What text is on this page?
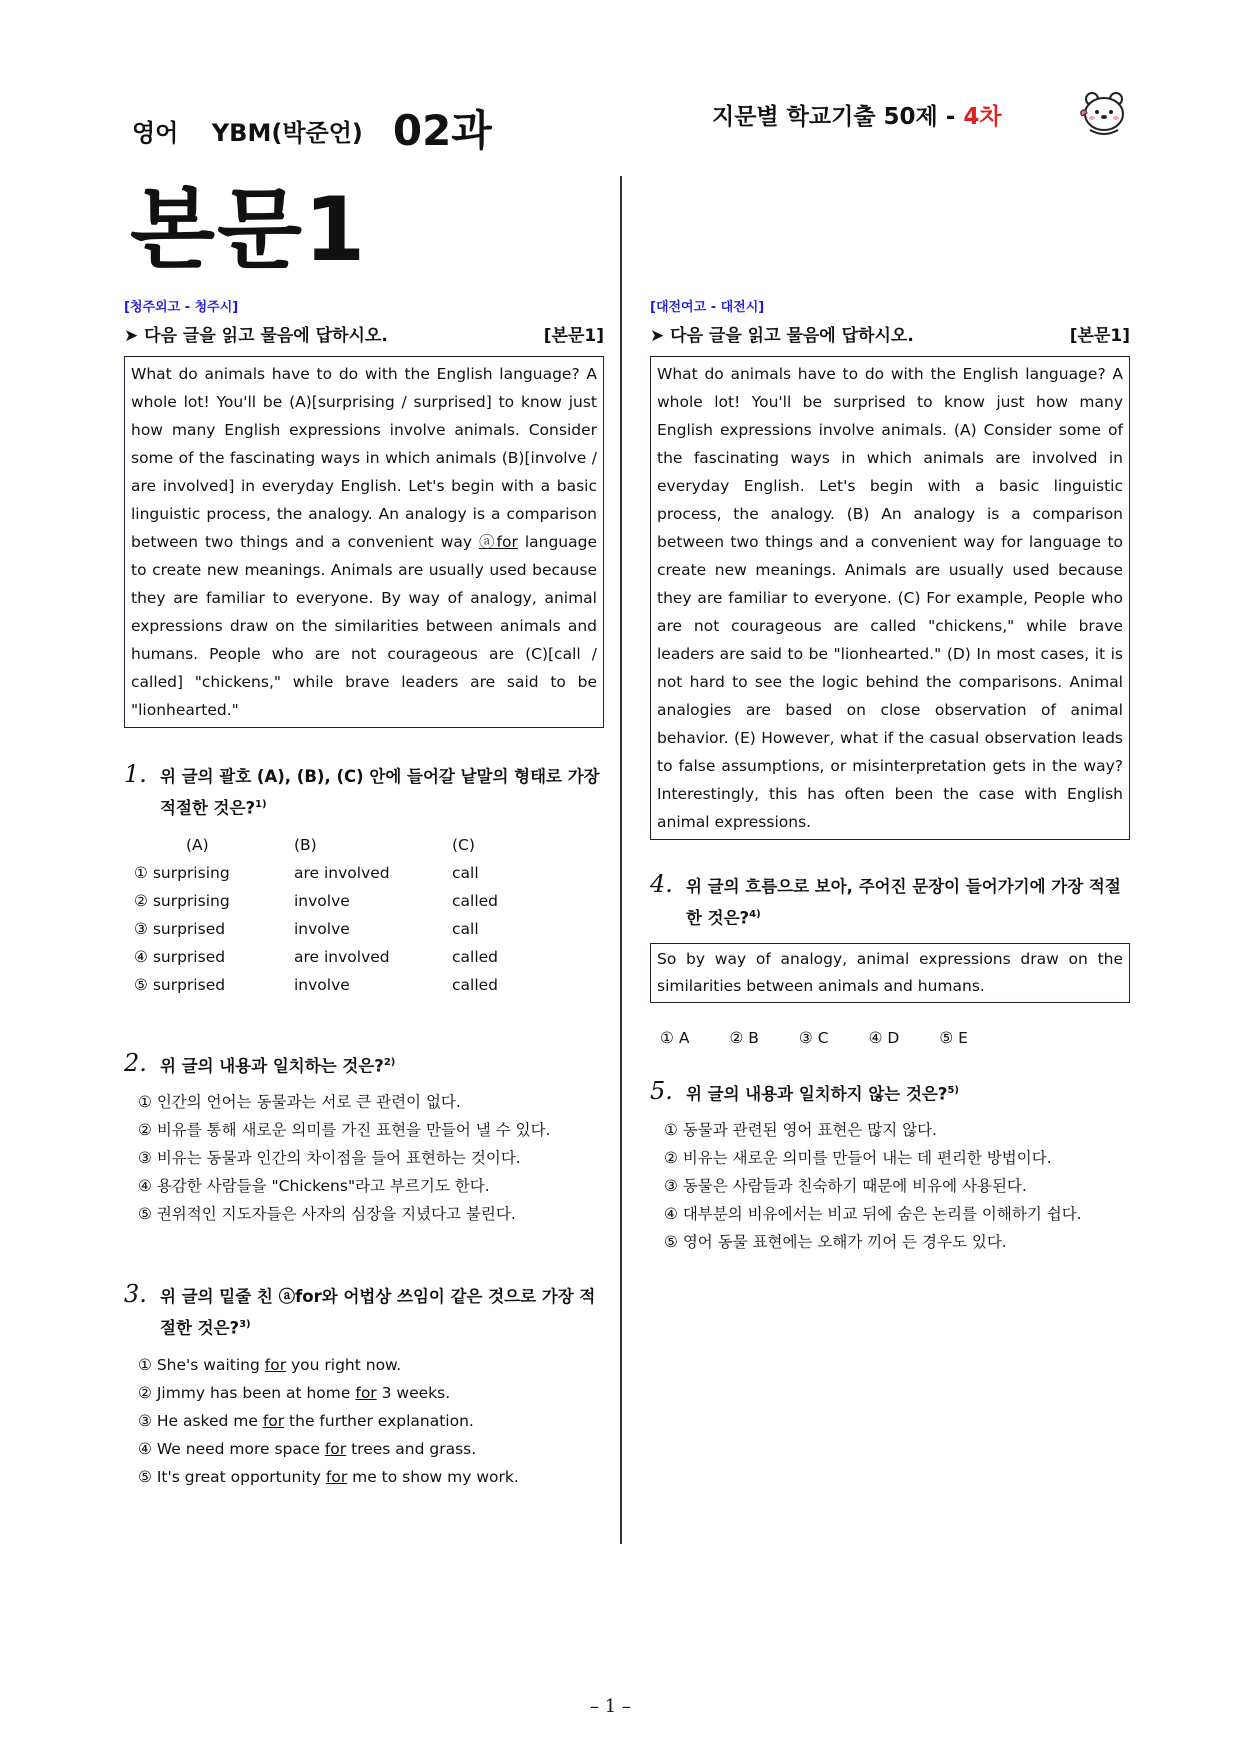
영어 YBM(박준언) 02과	지문별 학교기출 50제 - 4차
본문1
[청주외고 - 청주시]
➤ 다음 글을 읽고 물음에 답하시오.	[본문1]
What do animals have to do with the English language? A whole lot! You'll be (A)[surprising / surprised] to know just how many English expressions involve animals. Consider some of the fascinating ways in which animals (B)[involve / are involved] in everyday English. Let's begin with a basic linguistic process, the analogy. An analogy is a comparison between two things and a convenient way ⓐfor language to create new meanings. Animals are usually used because they are familiar to everyone. By way of analogy, animal expressions draw on the similarities between animals and humans. People who are not courageous are (C)[call / called] "chickens," while brave leaders are said to be "lionhearted."
1. 위 글의 괄호 (A), (B), (C) 안에 들어갈 낱말의 형태로 가장 적절한 것은?$^{1)}$
(A)	(B)	(C)
① surprising	are involved	call
② surprising	involve	called
③ surprised	involve	call
④ surprised	are involved	called
⑤ surprised	involve	called
2. 위 글의 내용과 일치하는 것은?$^{2)}$
① 인간의 언어는 동물과는 서로 큰 관련이 없다.
② 비유를 통해 새로운 의미를 가진 표현을 만들어 낼 수 있다.
③ 비유는 동물과 인간의 차이점을 들어 표현하는 것이다.
④ 용감한 사람들을 "Chickens"라고 부르기도 한다.
⑤ 권위적인 지도자들은 사자의 심장을 지녔다고 불린다.
3. 위 글의 밑줄 친 ⓐfor와 어법상 쓰임이 같은 것으로 가장 적절한 것은?$^{3)}$
① She's waiting for you right now.
② Jimmy has been at home for 3 weeks.
③ He asked me for the further explanation.
④ We need more space for trees and grass.
⑤ It's great opportunity for me to show my work.
[대전여고 - 대전시]
➤ 다음 글을 읽고 물음에 답하시오.	[본문1]
What do animals have to do with the English language? A whole lot! You'll be surprised to know just how many English expressions involve animals. (A) Consider some of the fascinating ways in which animals are involved in everyday English. Let's begin with a basic linguistic process, the analogy. (B) An analogy is a comparison between two things and a convenient way for language to create new meanings. Animals are usually used because they are familiar to everyone. (C) For example, People who are not courageous are called "chickens," while brave leaders are said to be "lionhearted." (D) In most cases, it is not hard to see the logic behind the comparisons. Animal analogies are based on close observation of animal behavior. (E) However, what if the casual observation leads to false assumptions, or misinterpretation gets in the way? Interestingly, this has often been the case with English animal expressions.
4. 위 글의 흐름으로 보아, 주어진 문장이 들어가기에 가장 적절한 것은?$^{4)}$
So by way of analogy, animal expressions draw on the similarities between animals and humans.
① A	② B	③ C	④ D	⑤ E
5. 위 글의 내용과 일치하지 않는 것은?$^{5)}$
① 동물과 관련된 영어 표현은 많지 않다.
② 비유는 새로운 의미를 만들어 내는 데 편리한 방법이다.
③ 동물은 사람들과 친숙하기 때문에 비유에 사용된다.
④ 대부분의 비유에서는 비교 뒤에 숨은 논리를 이해하기 쉽다.
⑤ 영어 동물 표현에는 오해가 끼어 든 경우도 있다.
– 1 –
